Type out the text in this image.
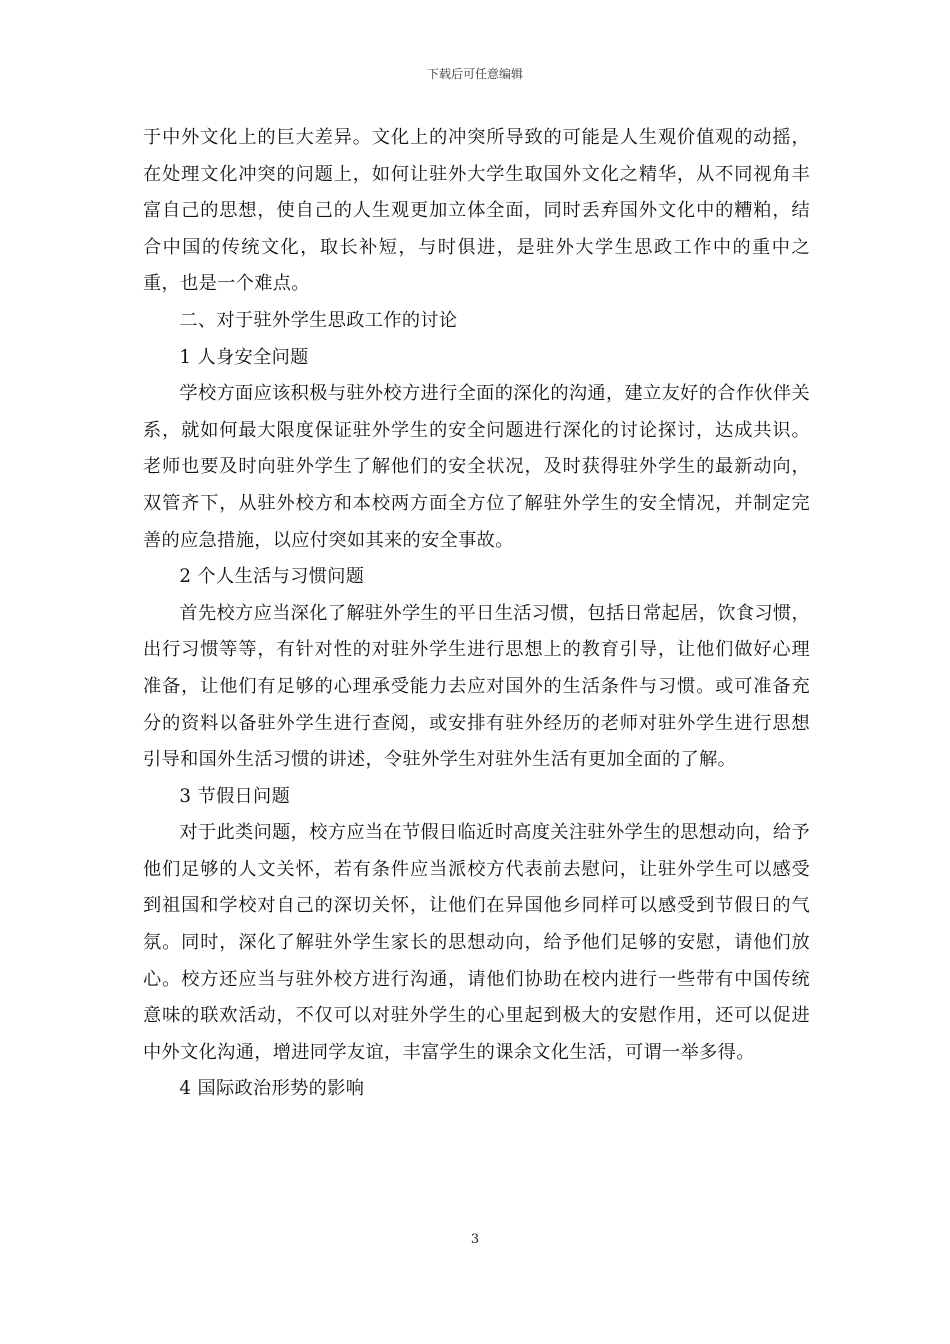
下载后可任意编辑

于中外文化上的巨大差异。文化上的冲突所导致的可能是人生观价值观的动摇，在处理文化冲突的问题上，如何让驻外大学生取国外文化之精华，从不同视角丰富自己的思想，使自己的人生观更加立体全面，同时丢弃国外文化中的糟粕，结合中国的传统文化，取长补短，与时俱进，是驻外大学生思政工作中的重中之重，也是一个难点。

二、对于驻外学生思政工作的讨论

1 人身安全问题

学校方面应该积极与驻外校方进行全面的深化的沟通，建立友好的合作伙伴关系，就如何最大限度保证驻外学生的安全问题进行深化的讨论探讨，达成共识。老师也要及时向驻外学生了解他们的安全状况，及时获得驻外学生的最新动向，双管齐下，从驻外校方和本校两方面全方位了解驻外学生的安全情况，并制定完善的应急措施，以应付突如其来的安全事故。

2 个人生活与习惯问题

首先校方应当深化了解驻外学生的平日生活习惯，包括日常起居，饮食习惯，出行习惯等等，有针对性的对驻外学生进行思想上的教育引导，让他们做好心理准备，让他们有足够的心理承受能力去应对国外的生活条件与习惯。或可准备充分的资料以备驻外学生进行查阅，或安排有驻外经历的老师对驻外学生进行思想引导和国外生活习惯的讲述，令驻外学生对驻外生活有更加全面的了解。

3 节假日问题

对于此类问题，校方应当在节假日临近时高度关注驻外学生的思想动向，给予他们足够的人文关怀，若有条件应当派校方代表前去慰问，让驻外学生可以感受到祖国和学校对自己的深切关怀，让他们在异国他乡同样可以感受到节假日的气氛。同时，深化了解驻外学生家长的思想动向，给予他们足够的安慰，请他们放心。校方还应当与驻外校方进行沟通，请他们协助在校内进行一些带有中国传统意味的联欢活动，不仅可以对驻外学生的心里起到极大的安慰作用，还可以促进中外文化沟通，增进同学友谊，丰富学生的课余文化生活，可谓一举多得。

4 国际政治形势的影响

3
